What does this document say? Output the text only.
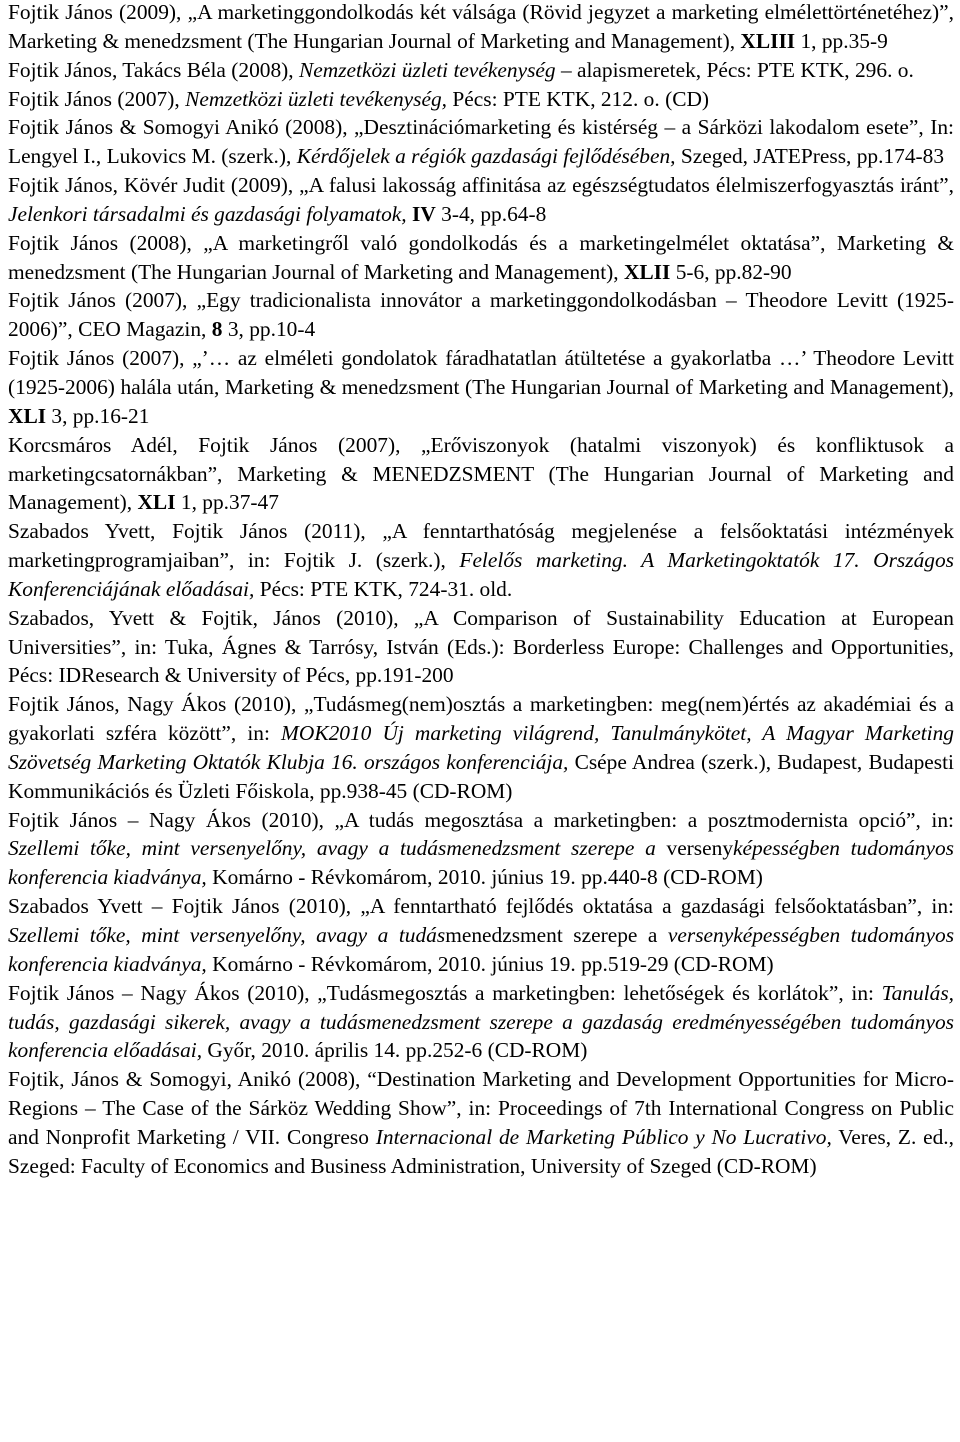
Fojtik János (2009), „A marketinggondolkodás két válsága (Rövid jegyzet a marketing elmélettörténetéhez)”, Marketing & menedzsment (The Hungarian Journal of Marketing and Management), XLIII 1, pp.35-9

Fojtik János, Takács Béla (2008), Nemzetközi üzleti tevékenység – alapismeretek, Pécs: PTE KTK, 296. o.

Fojtik János (2007), Nemzetközi üzleti tevékenység, Pécs: PTE KTK, 212. o. (CD)

Fojtik János & Somogyi Anikó (2008), „Desztinációmarketing és kistérség – a Sárközi lakodalom esete”, In: Lengyel I., Lukovics M. (szerk.), Kérdőjelek a régiók gazdasági fejlődésében, Szeged, JATEPress, pp.174-83

Fojtik János, Kövér Judit (2009), „A falusi lakosság affinitása az egészségtudatos élelmiszerfogyasztás iránt”, Jelenkori társadalmi és gazdasági folyamatok, IV 3-4, pp.64-8

Fojtik János (2008), „A marketingről való gondolkodás és a marketingelmélet oktatása”, Marketing & menedzsment (The Hungarian Journal of Marketing and Management), XLII 5-6, pp.82-90

Fojtik János (2007), „Egy tradicionalista innovátor a marketinggondolkodásban – Theodore Levitt (1925-2006)”, CEO Magazin, 8 3, pp.10-4

Fojtik János (2007), „’… az elméleti gondolatok fáradhatatlan átültetése a gyakorlatba …’ Theodore Levitt (1925-2006) halála után, Marketing & menedzsment (The Hungarian Journal of Marketing and Management), XLI 3, pp.16-21

Korcsmáros Adél, Fojtik János (2007), „Erőviszonyok (hatalmi viszonyok) és konfliktusok a marketingcsatornákban”, Marketing & MENEDZSMENT (The Hungarian Journal of Marketing and Management), XLI 1, pp.37-47

Szabados Yvett, Fojtik János (2011), „A fenntarthatóság megjelenése a felsőoktatási intézmények marketingprogramjaiban”, in: Fojtik J. (szerk.), Felelős marketing. A Marketingoktatók 17. Országos Konferenciájának előadásai, Pécs: PTE KTK, 724-31. old.

Szabados, Yvett & Fojtik, János (2010), „A Comparison of Sustainability Education at European Universities”, in: Tuka, Ágnes & Tarrósy, István (Eds.): Borderless Europe: Challenges and Opportunities, Pécs: IDResearch & University of Pécs, pp.191-200

Fojtik János, Nagy Ákos (2010), „Tudásmeg(nem)osztás a marketingben: meg(nem)értés az akadémiai és a gyakorlati szféra között”, in: MOK2010 Új marketing világrend, Tanulmánykötet, A Magyar Marketing Szövetség Marketing Oktatók Klubja 16. országos konferenciája, Csépe Andrea (szerk.), Budapest, Budapesti Kommunikációs és Üzleti Főiskola, pp.938-45 (CD-ROM)

Fojtik János – Nagy Ákos (2010), „A tudás megosztása a marketingben: a posztmodernista opció”, in: Szellemi tőke, mint versenyelőny, avagy a tudásmenedzsment szerepe a versenyképességben tudományos konferencia kiadványa, Komárno - Révkomárom, 2010. június 19. pp.440-8 (CD-ROM)

Szabados Yvett – Fojtik János (2010), „A fenntartható fejlődés oktatása a gazdasági felsőoktatásban”, in: Szellemi tőke, mint versenyelőny, avagy a tudásmenedzsment szerepe a versenyképességben tudományos konferencia kiadványa, Komárno - Révkomárom, 2010. június 19. pp.519-29 (CD-ROM)

Fojtik János – Nagy Ákos (2010), „Tudásmegosztás a marketingben: lehetőségek és korlátok”, in: Tanulás, tudás, gazdasági sikerek, avagy a tudásmenedzsment szerepe a gazdaság eredményességében tudományos konferencia előadásai, Győr, 2010. április 14. pp.252-6 (CD-ROM)

Fojtik, János & Somogyi, Anikó (2008), “Destination Marketing and Development Opportunities for Micro-Regions – The Case of the Sárköz Wedding Show”, in: Proceedings of 7th International Congress on Public and Nonprofit Marketing / VII. Congreso Internacional de Marketing Público y No Lucrativo, Veres, Z. ed., Szeged: Faculty of Economics and Business Administration, University of Szeged (CD-ROM)
